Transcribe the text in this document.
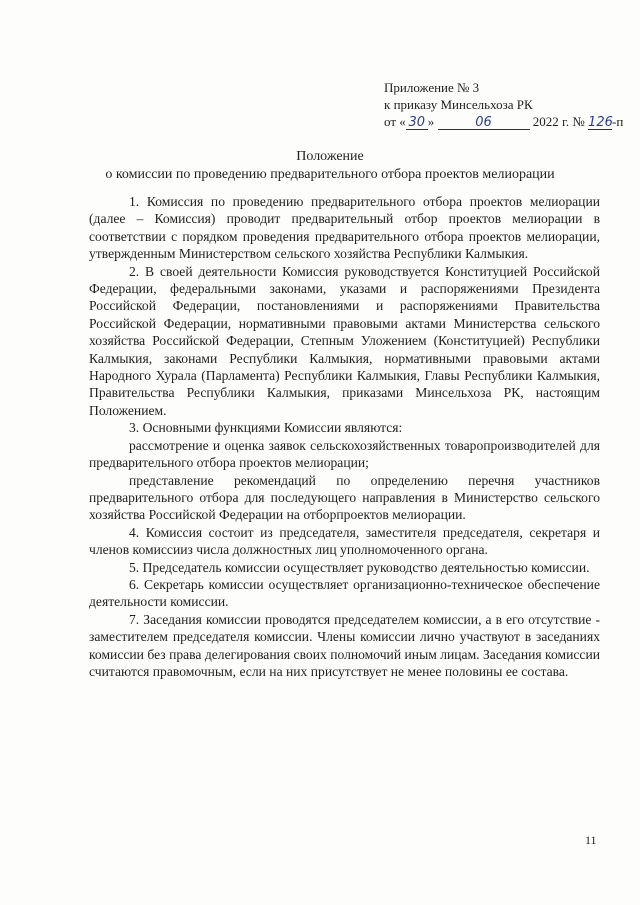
Приложение № 3
к приказу Минсельхоза РК
от « 30 »	06	2022 г. № 126-п
Положение
о комиссии по проведению предварительного отбора проектов мелиорации

1. Комиссия по проведению предварительного отбора проектов мелиорации (далее – Комиссия) проводит предварительный отбор проектов мелиорации в соответствии с порядком проведения предварительного отбора проектов мелиорации, утвержденным Министерством сельского хозяйства Республики Калмыкия.

2. В своей деятельности Комиссия руководствуется Конституцией Российской Федерации, федеральными законами, указами и распоряжениями Президента Российской Федерации, постановлениями и распоряжениями Правительства Российской Федерации, нормативными правовыми актами Министерства сельского хозяйства Российской Федерации, Степным Уложением (Конституцией) Республики Калмыкия, законами Республики Калмыкия, нормативными правовыми актами Народного Хурала (Парламента) Республики Калмыкия, Главы Республики Калмыкия, Правительства Республики Калмыкия, приказами Минсельхоза РК, настоящим Положением.

3. Основными функциями Комиссии являются:

рассмотрение и оценка заявок сельскохозяйственных товаропроизводителей для предварительного отбора проектов мелиорации;

представление рекомендаций по определению перечня участников предварительного отбора для последующего направления в Министерство сельского хозяйства Российской Федерации на отборпроектов мелиорации.

4. Комиссия состоит из председателя, заместителя председателя, секретаря и членов комиссииз числа должностных лиц уполномоченного органа.

5. Председатель комиссии осуществляет руководство деятельностью комиссии.

6. Секретарь комиссии осуществляет организационно-техническое обеспечение деятельности комиссии.

7. Заседания комиссии проводятся председателем комиссии, а в его отсутствие - заместителем председателя комиссии. Члены комиссии лично участвуют в заседаниях комиссии без права делегирования своих полномочий иным лицам. Заседания комиссии считаются правомочным, если на них присутствует не менее половины ее состава.

11
